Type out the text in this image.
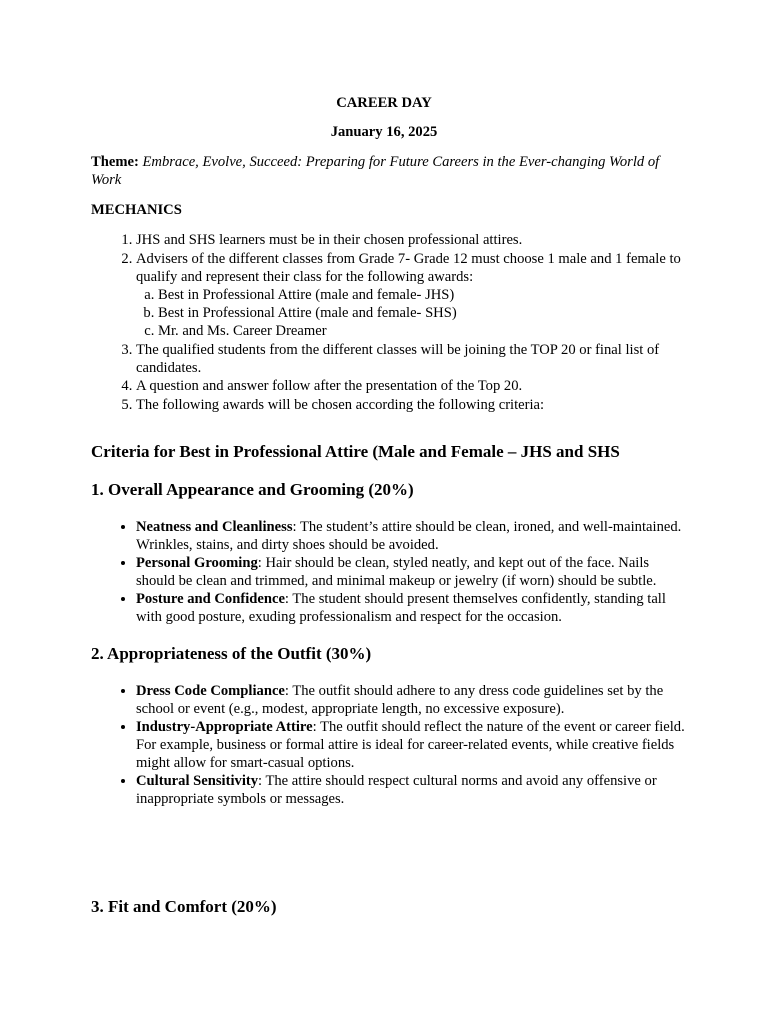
CAREER DAY
January 16, 2025
Theme: Embrace, Evolve, Succeed: Preparing for Future Careers in the Ever-changing World of Work
MECHANICS
1. JHS and SHS learners must be in their chosen professional attires.
2. Advisers of the different classes from Grade 7- Grade 12 must choose 1 male and 1 female to qualify and represent their class for the following awards:
a. Best in Professional Attire (male and female- JHS)
b. Best in Professional Attire (male and female- SHS)
c. Mr. and Ms. Career Dreamer
3. The qualified students from the different classes will be joining the TOP 20 or final list of candidates.
4. A question and answer follow after the presentation of the Top 20.
5. The following awards will be chosen according the following criteria:
Criteria for Best in Professional Attire (Male and Female – JHS and SHS
1. Overall Appearance and Grooming (20%)
• Neatness and Cleanliness: The student’s attire should be clean, ironed, and well-maintained. Wrinkles, stains, and dirty shoes should be avoided.
• Personal Grooming: Hair should be clean, styled neatly, and kept out of the face. Nails should be clean and trimmed, and minimal makeup or jewelry (if worn) should be subtle.
• Posture and Confidence: The student should present themselves confidently, standing tall with good posture, exuding professionalism and respect for the occasion.
2. Appropriateness of the Outfit (30%)
• Dress Code Compliance: The outfit should adhere to any dress code guidelines set by the school or event (e.g., modest, appropriate length, no excessive exposure).
• Industry-Appropriate Attire: The outfit should reflect the nature of the event or career field. For example, business or formal attire is ideal for career-related events, while creative fields might allow for smart-casual options.
• Cultural Sensitivity: The attire should respect cultural norms and avoid any offensive or inappropriate symbols or messages.
3. Fit and Comfort (20%)
